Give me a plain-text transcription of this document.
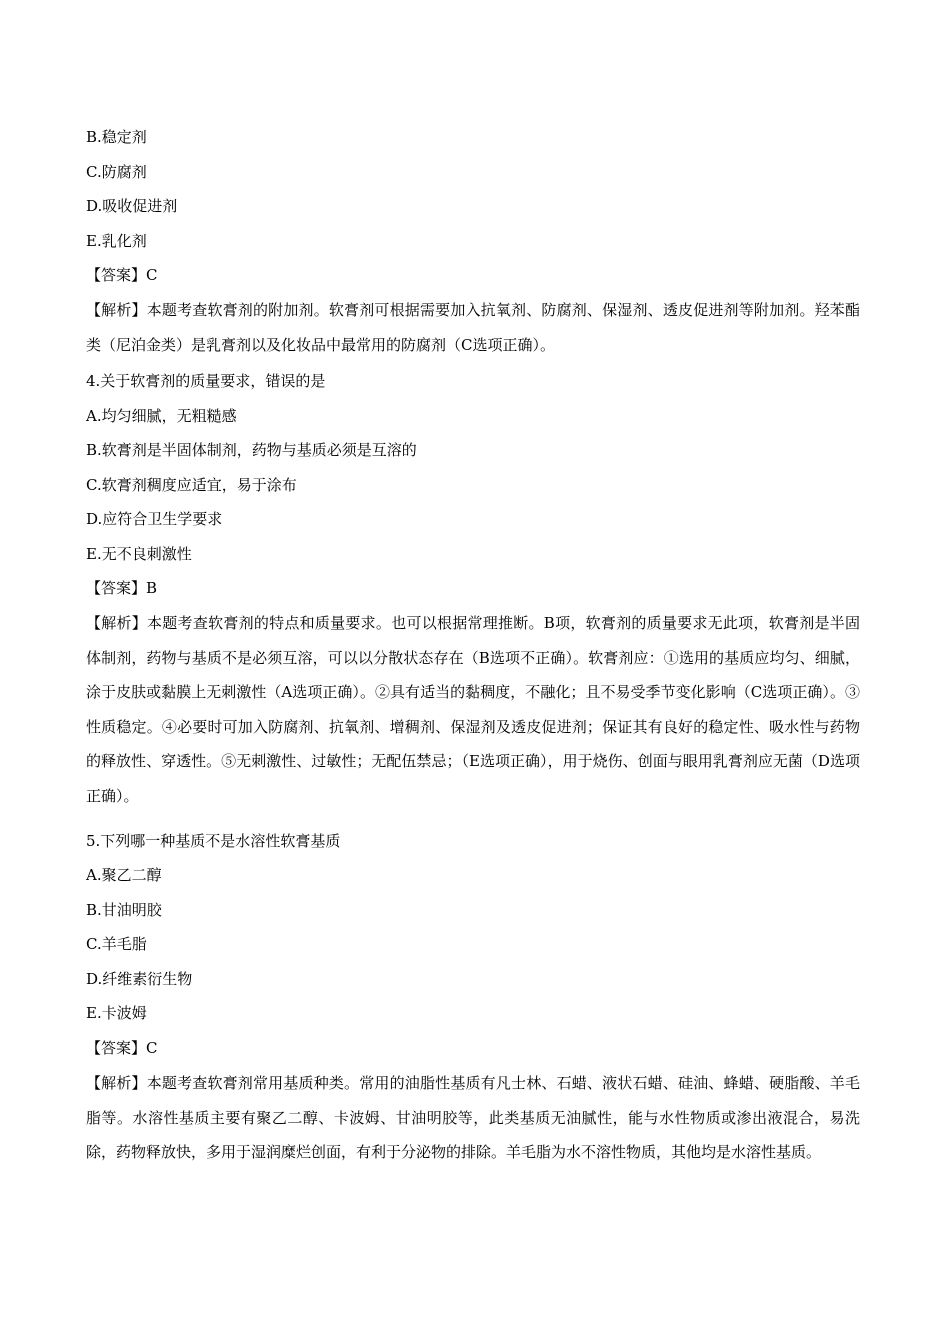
B.稳定剂
C.防腐剂
D.吸收促进剂
E.乳化剂
【答案】C
【解析】本题考查软膏剂的附加剂。软膏剂可根据需要加入抗氧剂、防腐剂、保湿剂、透皮促进剂等附加剂。羟苯酯类（尼泊金类）是乳膏剂以及化妆品中最常用的防腐剂（C选项正确）。
4.关于软膏剂的质量要求，错误的是
A.均匀细腻，无粗糙感
B.软膏剂是半固体制剂，药物与基质必须是互溶的
C.软膏剂稠度应适宜，易于涂布
D.应符合卫生学要求
E.无不良刺激性
【答案】B
【解析】本题考查软膏剂的特点和质量要求。也可以根据常理推断。B项，软膏剂的质量要求无此项，软膏剂是半固体制剂，药物与基质不是必须互溶，可以以分散状态存在（B选项不正确）。软膏剂应：①选用的基质应均匀、细腻，涂于皮肤或黏膜上无刺激性（A选项正确）。②具有适当的黏稠度，不融化；且不易受季节变化影响（C选项正确）。③性质稳定。④必要时可加入防腐剂、抗氧剂、增稠剂、保湿剂及透皮促进剂；保证其有良好的稳定性、吸水性与药物的释放性、穿透性。⑤无刺激性、过敏性；无配伍禁忌；（E选项正确），用于烧伤、创面与眼用乳膏剂应无菌（D选项正确）。
5.下列哪一种基质不是水溶性软膏基质
A.聚乙二醇
B.甘油明胶
C.羊毛脂
D.纤维素衍生物
E.卡波姆
【答案】C
【解析】本题考查软膏剂常用基质种类。常用的油脂性基质有凡士林、石蜡、液状石蜡、硅油、蜂蜡、硬脂酸、羊毛脂等。水溶性基质主要有聚乙二醇、卡波姆、甘油明胶等，此类基质无油腻性，能与水性物质或渗出液混合，易洗除，药物释放快，多用于湿润糜烂创面，有利于分泌物的排除。羊毛脂为水不溶性物质，其他均是水溶性基质。
